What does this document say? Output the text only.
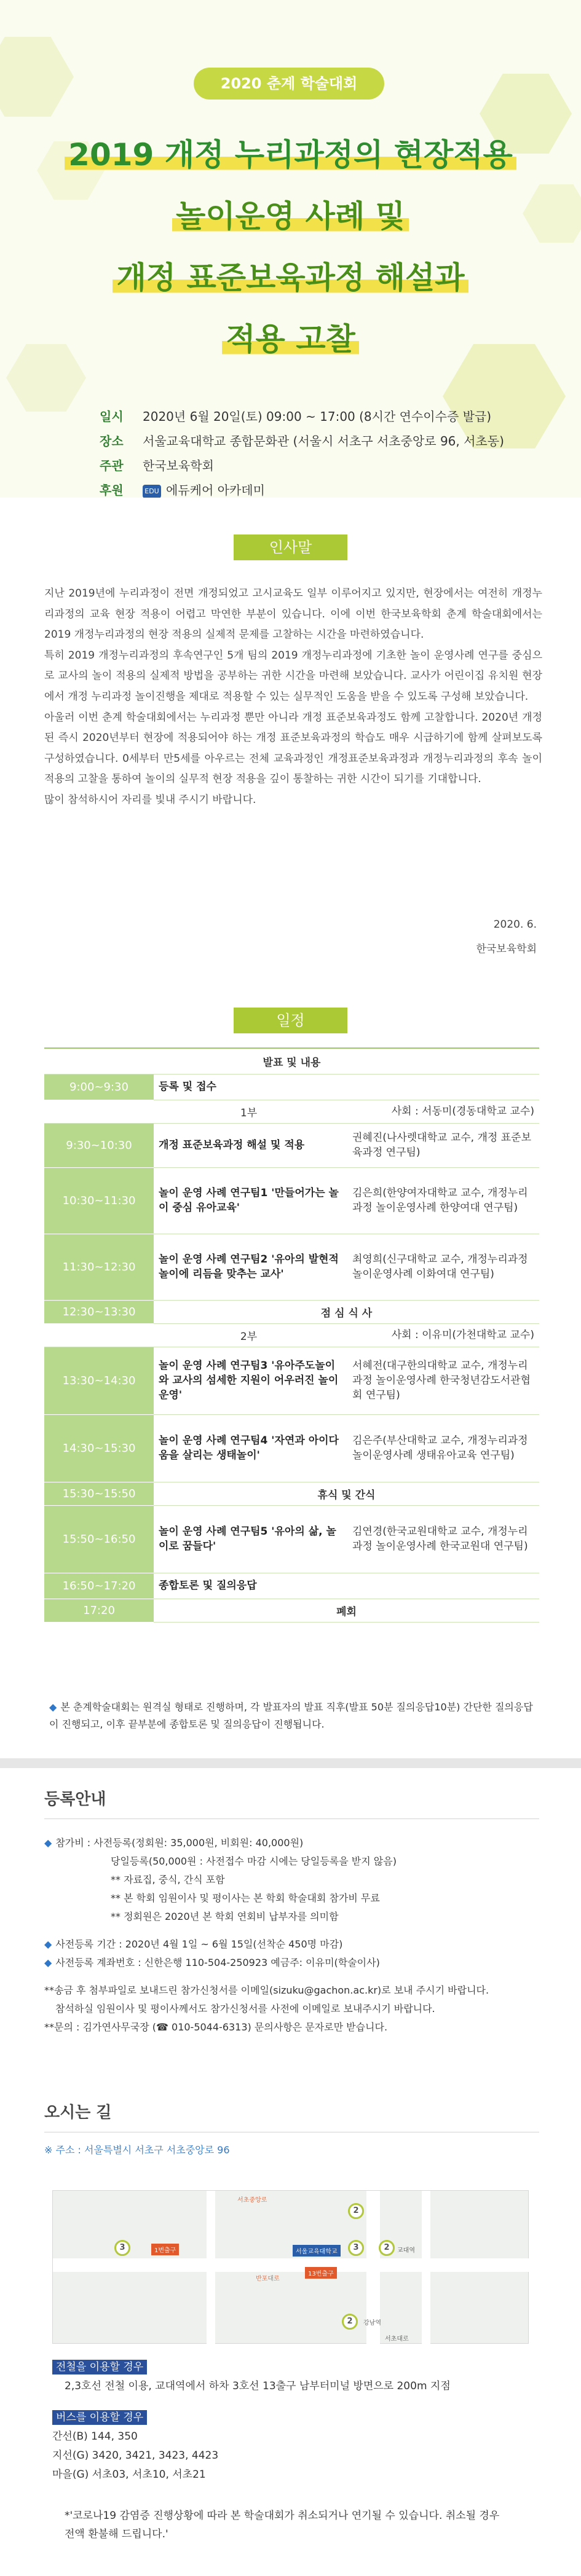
2020 춘계 학술대회
2019 개정 누리과정의 현장적용
놀이운영 사례 및
개정 표준보육과정 해설과
적용 고찰
일시	2020년 6월 20일(토) 09:00 ~ 17:00 (8시간 연수이수증 발급)
장소	서울교육대학교 종합문화관 (서울시 서초구 서초중앙로 96, 서초동)
주관	한국보육학회
후원	EDU 에듀케어 아카데미
인사말

지난 2019년에 누리과정이 전면 개정되었고 고시교육도 일부 이루어지고 있지만, 현장에서는 여전히 개정누리과정의 교육 현장 적용이 어렵고 막연한 부분이 있습니다. 이에 이번 한국보육학회 춘계 학술대회에서는 2019 개정누리과정의 현장 적용의 실제적 문제를 고찰하는 시간을 마련하였습니다.

특히 2019 개정누리과정의 후속연구인 5개 팀의 2019 개정누리과정에 기초한 놀이 운영사례 연구를 중심으로 교사의 놀이 적용의 실제적 방법을 공부하는 귀한 시간을 마련해 보았습니다. 교사가 어린이집 유치원 현장에서 개정 누리과정 놀이진행을 제대로 적용할 수 있는 실무적인 도움을 받을 수 있도록 구성해 보았습니다.

아울러 이번 춘계 학술대회에서는 누리과정 뿐만 아니라 개정 표준보육과정도 함께 고찰합니다. 2020년 개정된 즉시 2020년부터 현장에 적용되어야 하는 개정 표준보육과정의 학습도 매우 시급하기에 함께 살펴보도록 구성하였습니다. 0세부터 만5세를 아우르는 전체 교육과정인 개정표준보육과정과 개정누리과정의 후속 놀이적용의 고찰을 통하여 놀이의 실무적 현장 적용을 깊이 통찰하는 귀한 시간이 되기를 기대합니다.

많이 참석하시어 자리를 빛내 주시기 바랍니다.

2020. 6.
한국보육학회
일정
발표 및 내용		
9:00~9:30	등록 및 접수	
1부		사회 : 서동미(경동대학교 교수)
9:30~10:30	개정 표준보육과정 해설 및 적용	권혜진(나사렛대학교 교수, 개정 표준보육과정 연구팀)
10:30~11:30	놀이 운영 사례 연구팀1 '만들어가는 놀이 중심 유아교육'	김은희(한양여자대학교 교수, 개정누리과정 놀이운영사례 한양여대 연구팀)
11:30~12:30	놀이 운영 사례 연구팀2 '유아의 발현적 놀이에 리듬을 맞추는 교사'	최영희(신구대학교 교수, 개정누리과정 놀이운영사례 이화여대 연구팀)
12:30~13:30	점 심 식 사	
2부		사회 : 이유미(가천대학교 교수)
13:30~14:30	놀이 운영 사례 연구팀3 '유아주도놀이와 교사의 섬세한 지원이 어우러진 놀이운영'	서혜전(대구한의대학교 교수, 개정누리과정 놀이운영사례 한국청년감도서관협회 연구팀)
14:30~15:30	놀이 운영 사례 연구팀4 '자연과 아이다움을 살리는 생태놀이'	김은주(부산대학교 교수, 개정누리과정 놀이운영사례 생태유아교육 연구팀)
15:30~15:50	휴식 및 간식	
15:50~16:50	놀이 운영 사례 연구팀5 '유아의 삶, 놀이로 꿈들다'	김연경(한국교원대학교 교수, 개정누리과정 놀이운영사례 한국교원대 연구팀)
16:50~17:20	종합토론 및 질의응답	
17:20	폐회	
◆ 본 춘계학술대회는 원격실 형태로 진행하며, 각 발표자의 발표 직후(발표 50분 질의응답10분) 간단한 질의응답이 진행되고, 이후 끝부분에 종합토론 및 질의응답이 진행됩니다.
등록안내
◆ 참가비 : 사전등록(정회원: 35,000원, 비회원: 40,000원)
당일등록(50,000원 : 사전접수 마감 시에는 당일등록을 받지 않음)
** 자료집, 중식, 간식 포함
** 본 학회 임원이사 및 평이사는 본 학회 학술대회 참가비 무료
** 정회원은 2020년 본 학회 연회비 납부자를 의미함
◆ 사전등록 기간 : 2020년 4월 1일 ~ 6월 15일(선착순 450명 마감)
◆ 사전등록 계좌번호 : 신한은행 110-504-250923 예금주: 이유미(학술이사)
**송금 후 첨부파일로 보내드린 참가신청서를 이메일(sizuku@gachon.ac.kr)로 보내 주시기 바랍니다.
참석하실 임원이사 및 평이사께서도 참가신청서를 사전에 이메일로 보내주시기 바랍니다.
**문의 : 김가연사무국장 (☎ 010-5044-6313) 문의사항은 문자로만 받습니다.
오시는 길
※ 주소 : 서울특별시 서초구 서초중앙로 96
서초중앙로
반포대로
서초대로
서울교육대학교
13번출구
1번출구
2
3	2
3
2
교대역
강남역
전철을 이용할 경우
2,3호선 전철 이용, 교대역에서 하차 3호선 13출구 남부터미널 방면으로 200m 지점
버스를 이용할 경우
간선(B) 144, 350
지선(G) 3420, 3421, 3423, 4423
마을(G) 서초03, 서초10, 서초21
*'코로나19 감염증 진행상황에 따라 본 학술대회가 취소되거나 연기될 수 있습니다. 취소될 경우 전액 환불해 드립니다.'
